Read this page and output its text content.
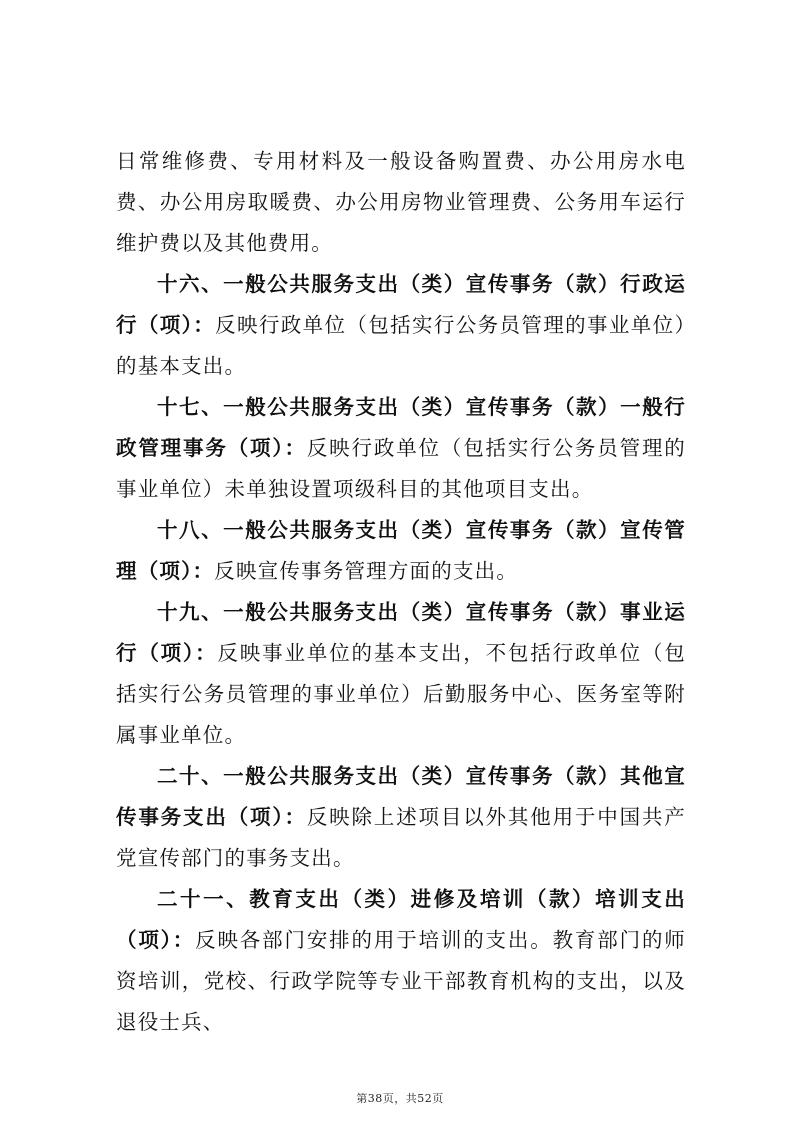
日常维修费、专用材料及一般设备购置费、办公用房水电费、办公用房取暖费、办公用房物业管理费、公务用车运行维护费以及其他费用。

十六、一般公共服务支出（类）宣传事务（款）行政运行（项）：反映行政单位（包括实行公务员管理的事业单位）的基本支出。

十七、一般公共服务支出（类）宣传事务（款）一般行政管理事务（项）：反映行政单位（包括实行公务员管理的事业单位）未单独设置项级科目的其他项目支出。

十八、一般公共服务支出（类）宣传事务（款）宣传管理（项）：反映宣传事务管理方面的支出。

十九、一般公共服务支出（类）宣传事务（款）事业运行（项）：反映事业单位的基本支出，不包括行政单位（包括实行公务员管理的事业单位）后勤服务中心、医务室等附属事业单位。

二十、一般公共服务支出（类）宣传事务（款）其他宣传事务支出（项）：反映除上述项目以外其他用于中国共产党宣传部门的事务支出。

二十一、教育支出（类）进修及培训（款）培训支出（项）：反映各部门安排的用于培训的支出。教育部门的师资培训，党校、行政学院等专业干部教育机构的支出，以及退役士兵、

第38页，共52页
